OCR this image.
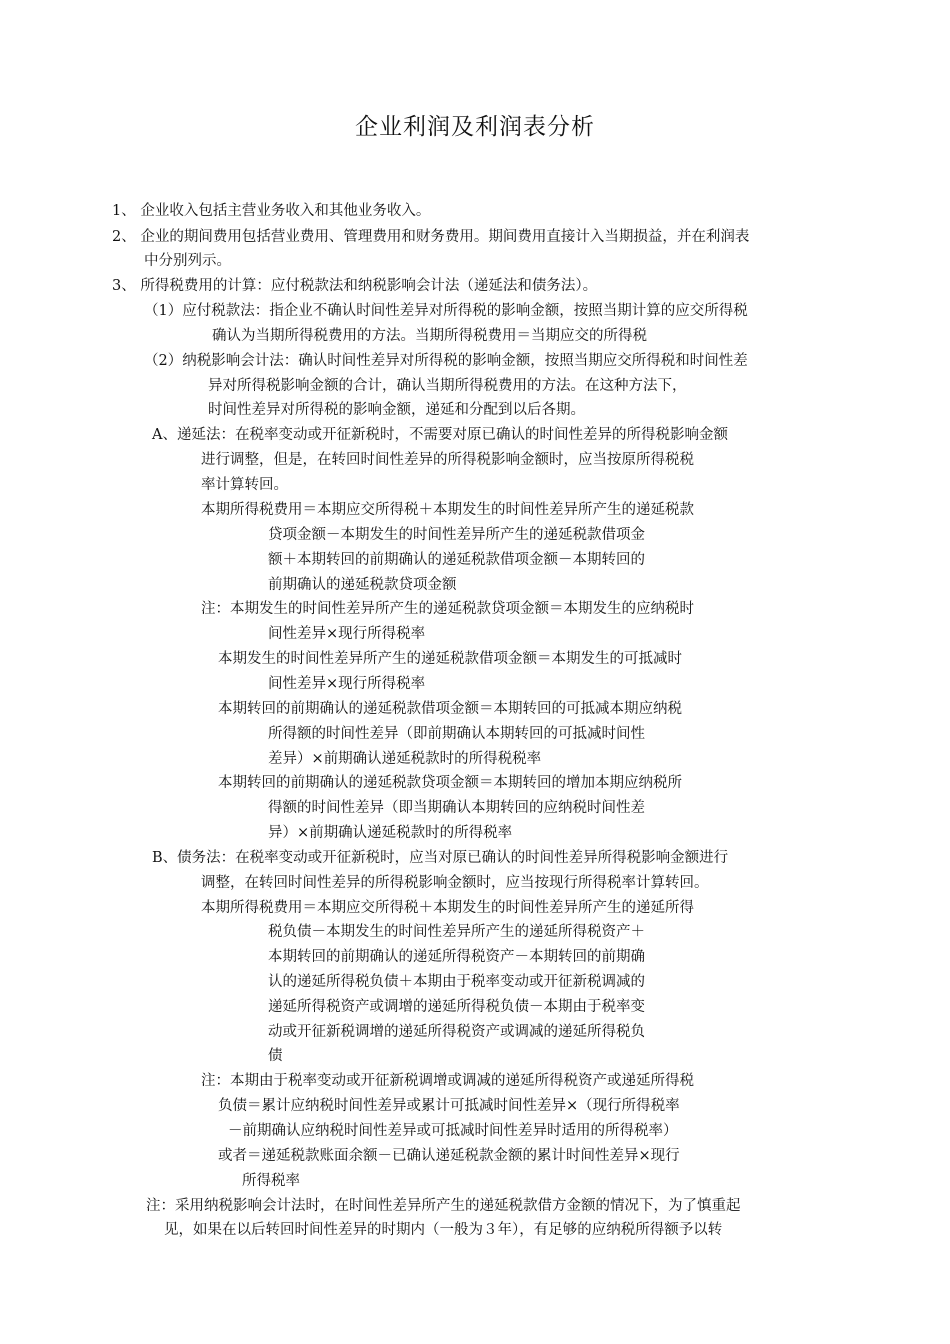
企业利润及利润表分析
1、 企业收入包括主营业务收入和其他业务收入。
2、 企业的期间费用包括营业费用、管理费用和财务费用。期间费用直接计入当期损益，并在利润表
中分别列示。
3、 所得税费用的计算：应付税款法和纳税影响会计法（递延法和债务法）。
（1）应付税款法：指企业不确认时间性差异对所得税的影响金额，按照当期计算的应交所得税
确认为当期所得税费用的方法。当期所得税费用＝当期应交的所得税
（2）纳税影响会计法：确认时间性差异对所得税的影响金额，按照当期应交所得税和时间性差
异对所得税影响金额的合计，确认当期所得税费用的方法。在这种方法下，
时间性差异对所得税的影响金额，递延和分配到以后各期。
A、递延法：在税率变动或开征新税时，不需要对原已确认的时间性差异的所得税影响金额
进行调整，但是，在转回时间性差异的所得税影响金额时，应当按原所得税税
率计算转回。
本期所得税费用＝本期应交所得税＋本期发生的时间性差异所产生的递延税款
贷项金额－本期发生的时间性差异所产生的递延税款借项金
额＋本期转回的前期确认的递延税款借项金额－本期转回的
前期确认的递延税款贷项金额
注：本期发生的时间性差异所产生的递延税款贷项金额＝本期发生的应纳税时
间性差异×现行所得税率
本期发生的时间性差异所产生的递延税款借项金额＝本期发生的可抵减时
间性差异×现行所得税率
本期转回的前期确认的递延税款借项金额＝本期转回的可抵减本期应纳税
所得额的时间性差异（即前期确认本期转回的可抵减时间性
差异）×前期确认递延税款时的所得税税率
本期转回的前期确认的递延税款贷项金额＝本期转回的增加本期应纳税所
得额的时间性差异（即当期确认本期转回的应纳税时间性差
异）×前期确认递延税款时的所得税率
B、债务法：在税率变动或开征新税时，应当对原已确认的时间性差异所得税影响金额进行
调整，在转回时间性差异的所得税影响金额时，应当按现行所得税率计算转回。
本期所得税费用＝本期应交所得税＋本期发生的时间性差异所产生的递延所得
税负债－本期发生的时间性差异所产生的递延所得税资产＋
本期转回的前期确认的递延所得税资产－本期转回的前期确
认的递延所得税负债＋本期由于税率变动或开征新税调减的
递延所得税资产或调增的递延所得税负债－本期由于税率变
动或开征新税调增的递延所得税资产或调减的递延所得税负
债
注：本期由于税率变动或开征新税调增或调减的递延所得税资产或递延所得税
负债＝累计应纳税时间性差异或累计可抵减时间性差异×（现行所得税率
－前期确认应纳税时间性差异或可抵减时间性差异时适用的所得税率）
或者＝递延税款账面余额－已确认递延税款金额的累计时间性差异×现行
所得税率
注：采用纳税影响会计法时，在时间性差异所产生的递延税款借方金额的情况下，为了慎重起
见，如果在以后转回时间性差异的时期内（一般为３年），有足够的应纳税所得额予以转
